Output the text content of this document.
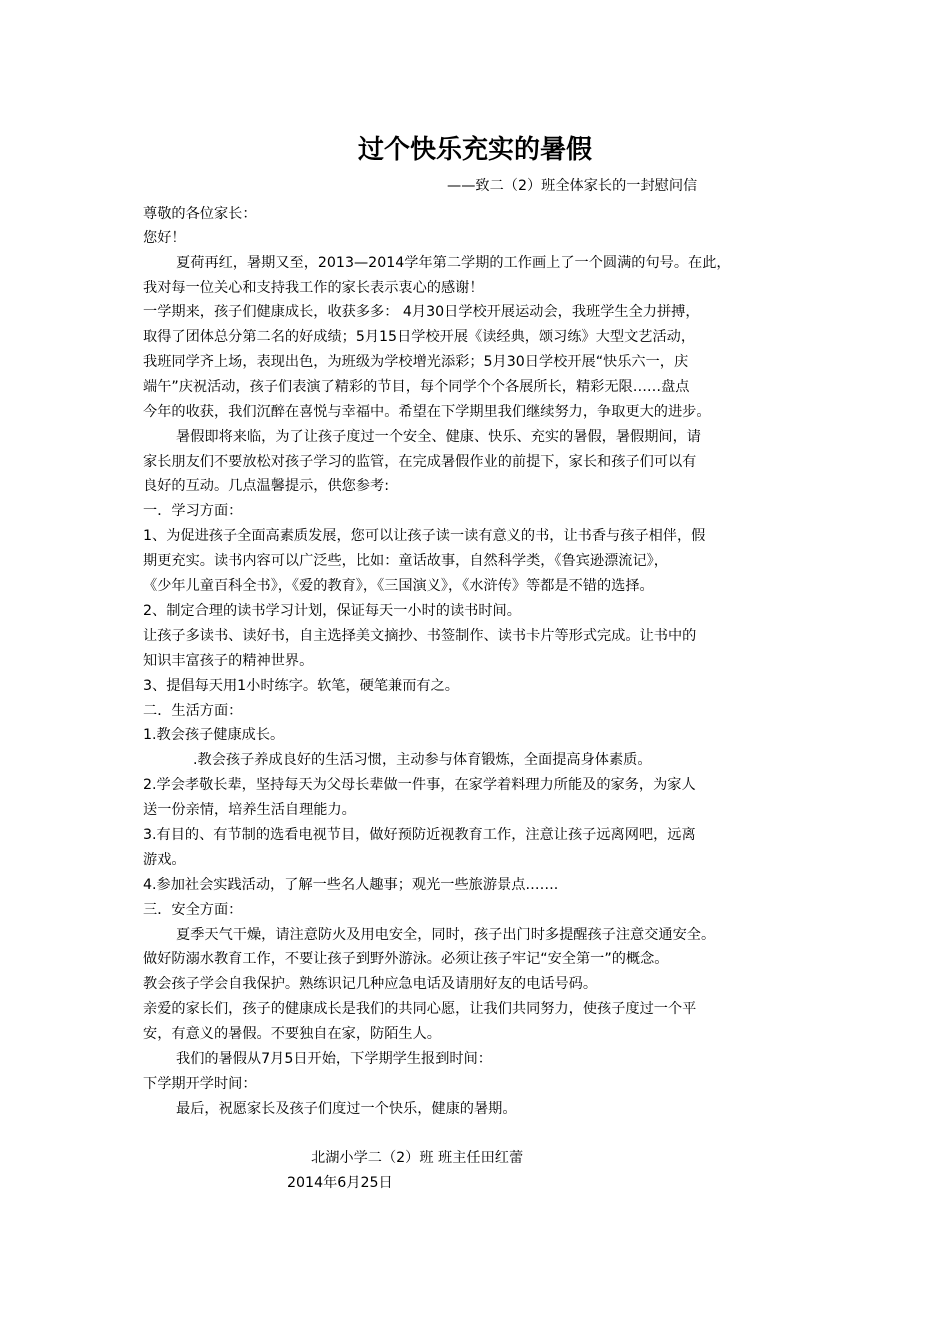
过个快乐充实的暑假
——致二（2）班全体家长的一封慰问信
尊敬的各位家长：
您好！
夏荷再红，暑期又至，2013—2014学年第二学期的工作画上了一个圆满的句号。在此，
我对每一位关心和支持我工作的家长表示衷心的感谢！
一学期来，孩子们健康成长，收获多多： 4月30日学校开展运动会，我班学生全力拼搏，
取得了团体总分第二名的好成绩；5月15日学校开展《读经典，颂习练》大型文艺活动，
我班同学齐上场，表现出色，为班级为学校增光添彩；5月30日学校开展“快乐六一，庆
端午”庆祝活动，孩子们表演了精彩的节目，每个同学个个各展所长，精彩无限……盘点
今年的收获，我们沉醉在喜悦与幸福中。希望在下学期里我们继续努力，争取更大的进步。
暑假即将来临，为了让孩子度过一个安全、健康、快乐、充实的暑假，暑假期间，请
家长朋友们不要放松对孩子学习的监管，在完成暑假作业的前提下，家长和孩子们可以有
良好的互动。几点温馨提示，供您参考:
一．学习方面：
1、为促进孩子全面高素质发展，您可以让孩子读一读有意义的书，让书香与孩子相伴，假
期更充实。读书内容可以广泛些，比如：童话故事，自然科学类，《鲁宾逊漂流记》，
《少年儿童百科全书》，《爱的教育》，《三国演义》，《水浒传》等都是不错的选择。
2、制定合理的读书学习计划，保证每天一小时的读书时间。
让孩子多读书、读好书，自主选择美文摘抄、书签制作、读书卡片等形式完成。让书中的
知识丰富孩子的精神世界。
3、提倡每天用1小时练字。软笔，硬笔兼而有之。
二．生活方面：
1.教会孩子健康成长。
.教会孩子养成良好的生活习惯，主动参与体育锻炼，全面提高身体素质。
2.学会孝敬长辈，坚持每天为父母长辈做一件事，在家学着料理力所能及的家务，为家人
送一份亲情，培养生活自理能力。
3.有目的、有节制的选看电视节目，做好预防近视教育工作，注意让孩子远离网吧，远离
游戏。
4.参加社会实践活动，了解一些名人趣事；观光一些旅游景点…….
三．安全方面：
夏季天气干燥，请注意防火及用电安全，同时，孩子出门时多提醒孩子注意交通安全。
做好防溺水教育工作，不要让孩子到野外游泳。必须让孩子牢记“安全第一”的概念。
教会孩子学会自我保护。熟练识记几种应急电话及请朋好友的电话号码。
亲爱的家长们，孩子的健康成长是我们的共同心愿，让我们共同努力，使孩子度过一个平
安，有意义的暑假。不要独自在家，防陌生人。
我们的暑假从7月5日开始，下学期学生报到时间：
下学期开学时间：
最后，祝愿家长及孩子们度过一个快乐，健康的暑期。
北湖小学二（2）班 班主任田红蕾
2014年6月25日
